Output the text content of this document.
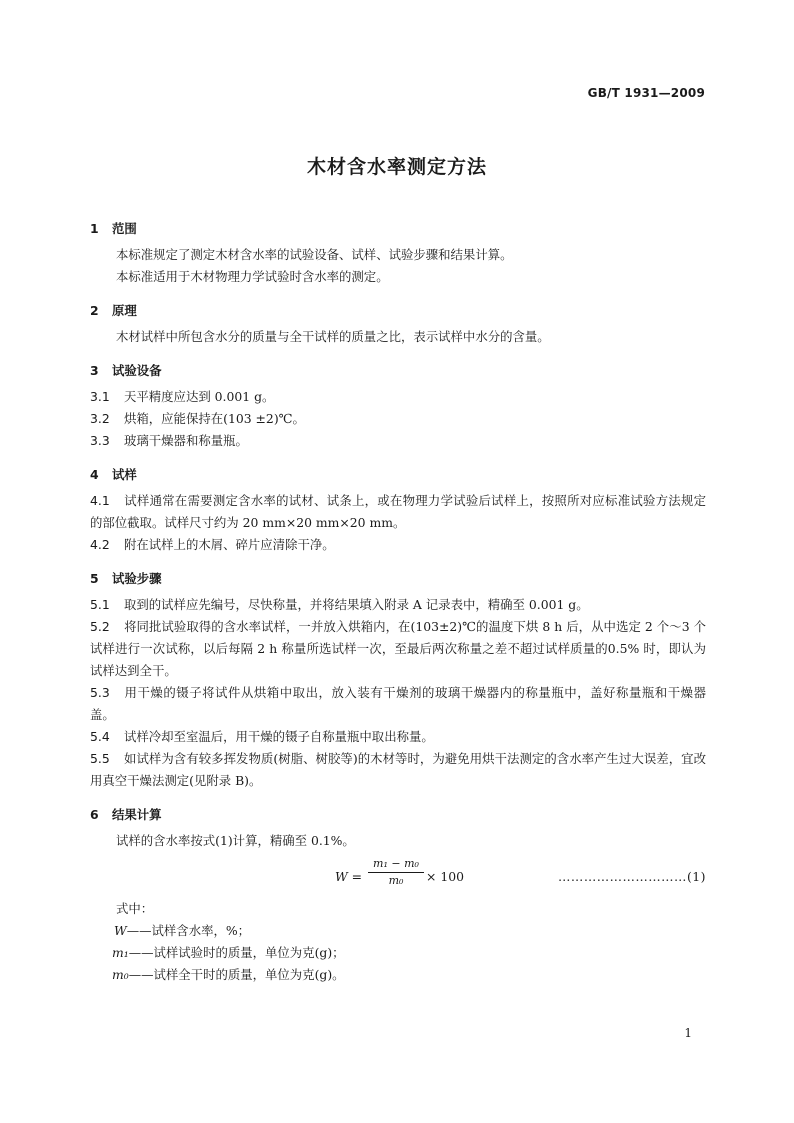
GB/T 1931—2009
木材含水率测定方法
1 范围

本标准规定了测定木材含水率的试验设备、试样、试验步骤和结果计算。

本标准适用于木材物理力学试验时含水率的测定。

2 原理

木材试样中所包含水分的质量与全干试样的质量之比，表示试样中水分的含量。

3 试验设备

3.1 天平精度应达到 0.001 g。

3.2 烘箱，应能保持在(103 ±2)℃。

3.3 玻璃干燥器和称量瓶。

4 试样

4.1 试样通常在需要测定含水率的试材、试条上，或在物理力学试验后试样上，按照所对应标准试验方法规定的部位截取。试样尺寸约为 20 mm×20 mm×20 mm。

4.2 附在试样上的木屑、碎片应清除干净。

5 试验步骤

5.1 取到的试样应先编号，尽快称量，并将结果填入附录 A 记录表中，精确至 0.001 g。

5.2 将同批试验取得的含水率试样，一并放入烘箱内，在(103±2)℃的温度下烘 8 h 后，从中选定 2 个～3 个试样进行一次试称，以后每隔 2 h 称量所选试样一次，至最后两次称量之差不超过试样质量的0.5% 时，即认为试样达到全干。

5.3 用干燥的镊子将试件从烘箱中取出，放入装有干燥剂的玻璃干燥器内的称量瓶中，盖好称量瓶和干燥器盖。

5.4 试样冷却至室温后，用干燥的镊子自称量瓶中取出称量。

5.5 如试样为含有较多挥发物质(树脂、树胶等)的木材等时，为避免用烘干法测定的含水率产生过大误差，宜改用真空干燥法测定(见附录 B)。

6 结果计算

试样的含水率按式(1)计算，精确至 0.1%。

$W = \frac{\text{m₁ − m₀}}{\text{m₀}} \times 100$	…………………………(1)

式中：

W——试样含水率，%；

m₁——试样试验时的质量，单位为克(g)；

m₀——试样全干时的质量，单位为克(g)。

1
